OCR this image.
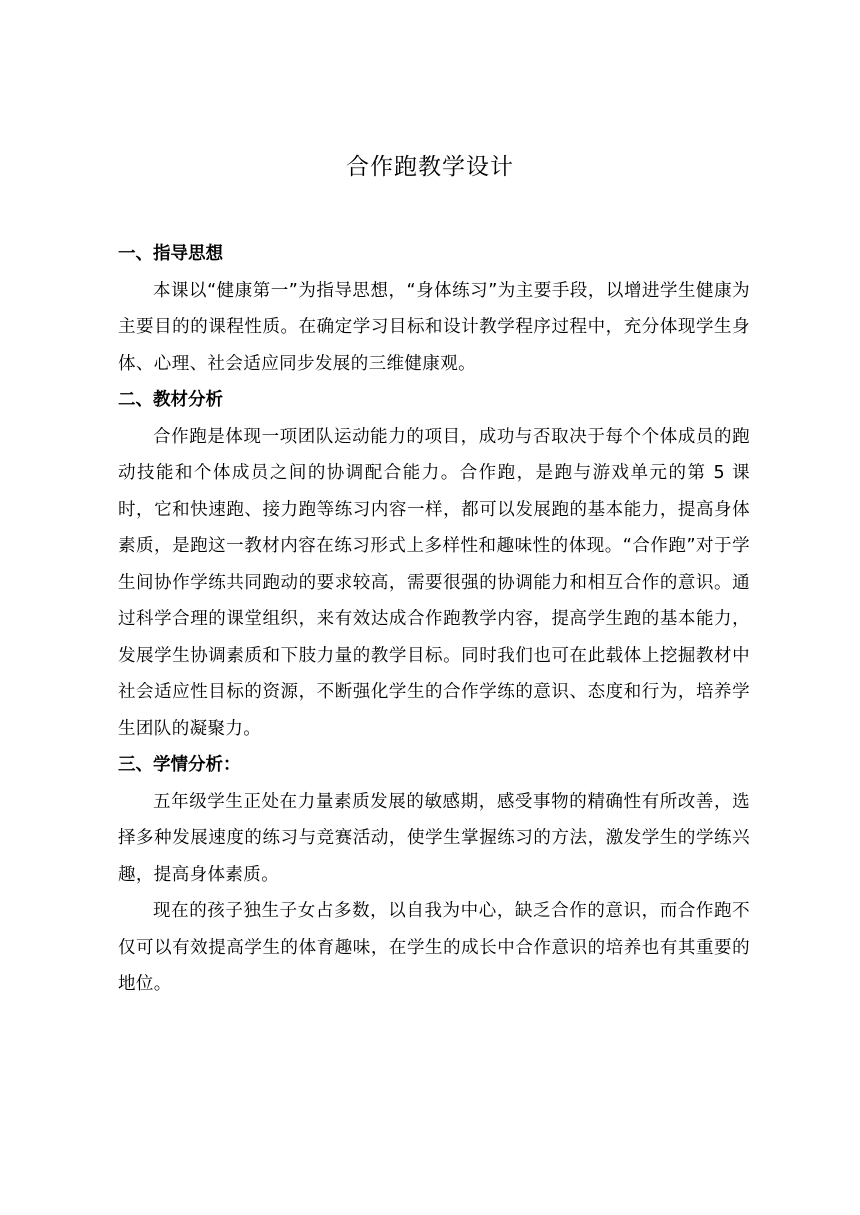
合作跑教学设计
一、指导思想

本课以“健康第一”为指导思想，“身体练习”为主要手段，以增进学生健康为主要目的的课程性质。在确定学习目标和设计教学程序过程中，充分体现学生身体、心理、社会适应同步发展的三维健康观。

二、教材分析

合作跑是体现一项团队运动能力的项目，成功与否取决于每个个体成员的跑动技能和个体成员之间的协调配合能力。合作跑，是跑与游戏单元的第 5 课时，它和快速跑、接力跑等练习内容一样，都可以发展跑的基本能力，提高身体素质，是跑这一教材内容在练习形式上多样性和趣味性的体现。“合作跑”对于学生间协作学练共同跑动的要求较高，需要很强的协调能力和相互合作的意识。通过科学合理的课堂组织，来有效达成合作跑教学内容，提高学生跑的基本能力，发展学生协调素质和下肢力量的教学目标。同时我们也可在此载体上挖掘教材中社会适应性目标的资源，不断强化学生的合作学练的意识、态度和行为，培养学生团队的凝聚力。

三、学情分析：

五年级学生正处在力量素质发展的敏感期，感受事物的精确性有所改善，选择多种发展速度的练习与竞赛活动，使学生掌握练习的方法，激发学生的学练兴趣，提高身体素质。

现在的孩子独生子女占多数，以自我为中心，缺乏合作的意识，而合作跑不仅可以有效提高学生的体育趣味，在学生的成长中合作意识的培养也有其重要的地位。
